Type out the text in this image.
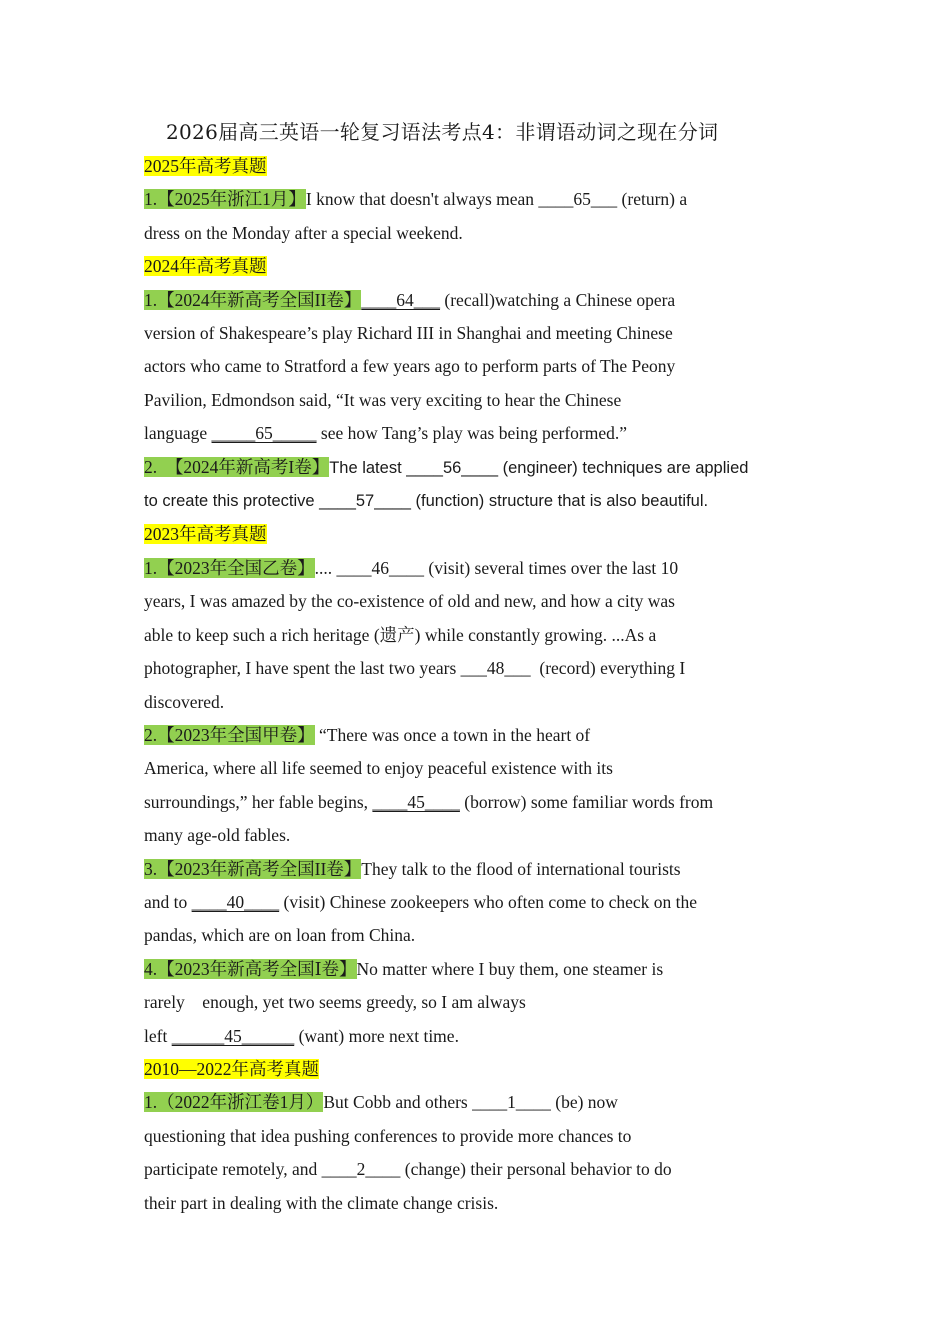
2026届高三英语一轮复习语法考点4：非谓语动词之现在分词

2025年高考真题

1.【2025年浙江1月】I know that doesn't always mean ____65___ (return) a

dress on the Monday after a special weekend.

2024年高考真题

1.【2024年新高考全国II卷】____64___ (recall)watching a Chinese opera

version of Shakespeare’s play Richard III in Shanghai and meeting Chinese

actors who came to Stratford a few years ago to perform parts of The Peony

Pavilion, Edmondson said, “It was very exciting to hear the Chinese

language _____65_____ see how Tang’s play was being performed.”

2.  【2024年新高考I卷】The latest ____56____ (engineer) techniques are applied

to create this protective ____57____ (function) structure that is also beautiful.

2023年高考真题

1.【2023年全国乙卷】.... ____46____ (visit) several times over the last 10

years, I was amazed by the co-existence of old and new, and how a city was

able to keep such a rich heritage (遗产) while constantly growing. ...As a

photographer, I have spent the last two years ___48___  (record) everything I

discovered.

2.【2023年全国甲卷】 “There was once a town in the heart of

America, where all life seemed to enjoy peaceful existence with its

surroundings,” her fable begins, ____45____ (borrow) some familiar words from

many age-old fables.

3.【2023年新高考全国II卷】They talk to the flood of international tourists

and to ____40____ (visit) Chinese zookeepers who often come to check on the

pandas, which are on loan from China.

4.【2023年新高考全国Ⅰ卷】No matter where I buy them, one steamer is

rarely    enough, yet two seems greedy, so I am always

left ______45______ (want) more next time.

2010—2022年高考真题

1.（2022年浙江卷1月）But Cobb and others ____1____ (be) now

questioning that idea pushing conferences to provide more chances to

participate remotely, and ____2____ (change) their personal behavior to do

their part in dealing with the climate change crisis.
